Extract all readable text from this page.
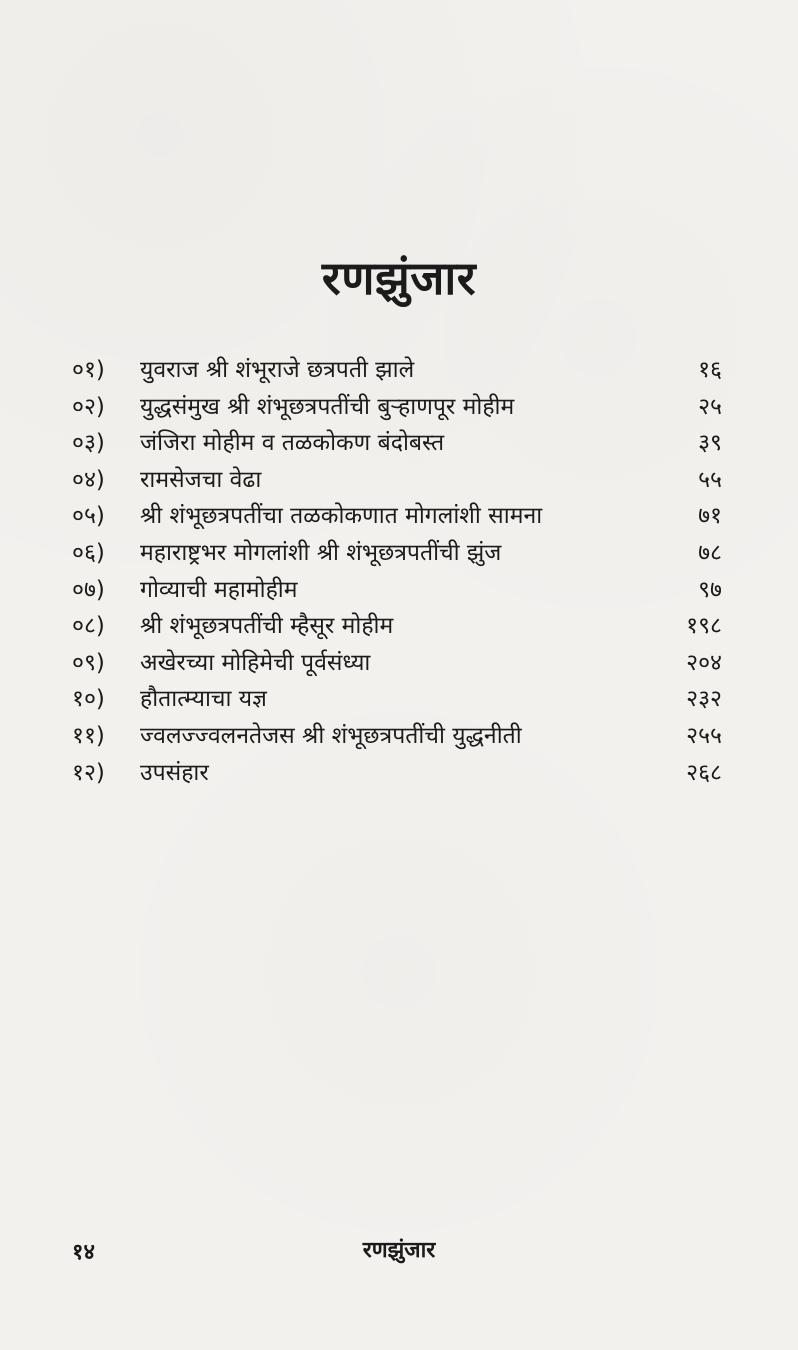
रणझुंजार
०१)	युवराज श्री शंभूराजे छत्रपती झाले	१६
०२)	युद्धसंमुख श्री शंभूछत्रपतींची बुऱ्हाणपूर मोहीम	२५
०३)	जंजिरा मोहीम व तळकोकण बंदोबस्त	३९
०४)	रामसेजचा वेढा	५५
०५)	श्री शंभूछत्रपतींचा तळकोकणात मोगलांशी सामना	७१
०६)	महाराष्ट्रभर मोगलांशी श्री शंभूछत्रपतींची झुंज	७८
०७)	गोव्याची महामोहीम	९७
०८)	श्री शंभूछत्रपतींची म्हैसूर मोहीम	१९८
०९)	अखेरच्या मोहिमेची पूर्वसंध्या	२०४
१०)	हौतात्म्याचा यज्ञ	२३२
११)	ज्वलज्ज्वलनतेजस श्री शंभूछत्रपतींची युद्धनीती	२५५
१२)	उपसंहार	२६८
१४	रणझुंजार
